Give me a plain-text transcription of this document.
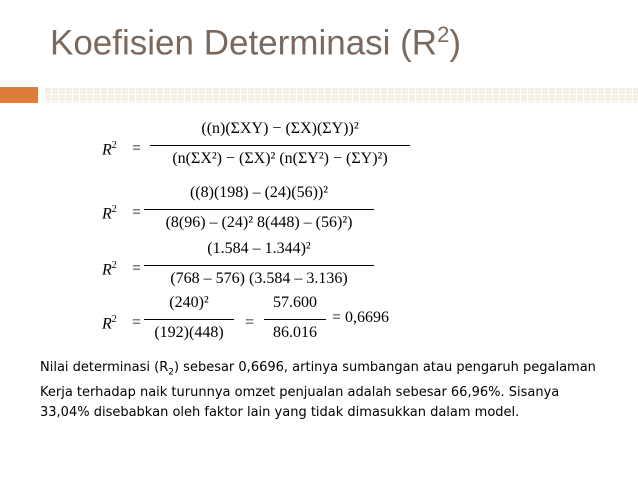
Koefisien Determinasi $(R^2)$
$R^2$ =
((n)(ΣXY) − (ΣX)(ΣY))²
(n(ΣX²) − (ΣX)² (n(ΣY²) − (ΣY)²)
$R^2$ =
((8)(198) – (24)(56))²
(8(96) – (24)² 8(448) – (56)²)
$R^2$ =
(1.584 – 1.344)²
(768 – 576) (3.584 – 3.136)
$R^2$ =
(240)²
(192)(448)
=
57.600
86.016
= 0,6696
Nilai determinasi $(R_2)$ sebesar 0,6696, artinya sumbangan atau pengaruh pegalaman Kerja terhadap naik turunnya omzet penjualan adalah sebesar 66,96%. Sisanya 33,04% disebabkan oleh faktor lain yang tidak dimasukkan dalam model.
